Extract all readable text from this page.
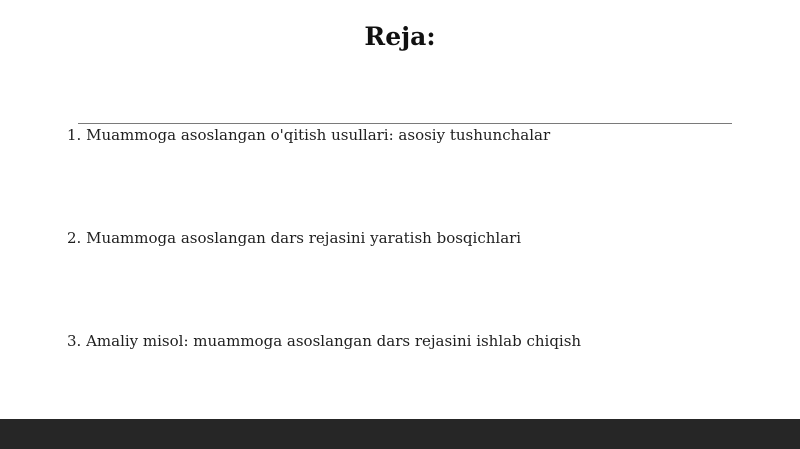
Reja:
1. Muammoga asoslangan o'qitish usullari: asosiy tushunchalar
2. Muammoga asoslangan dars rejasini yaratish bosqichlari
3. Amaliy misol: muammoga asoslangan dars rejasini ishlab chiqish
